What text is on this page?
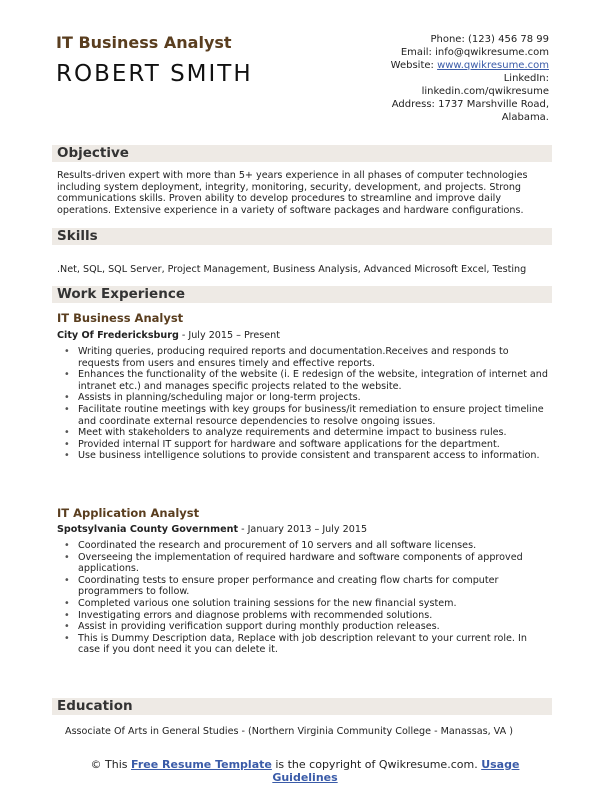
IT Business Analyst
ROBERT SMITH
Phone: (123) 456 78 99
Email: info@qwikresume.com
Website: www.qwikresume.com
LinkedIn:
linkedin.com/qwikresume
Address: 1737 Marshville Road,
Alabama.
Objective
Results-driven expert with more than 5+ years experience in all phases of computer technologies including system deployment, integrity, monitoring, security, development, and projects. Strong communications skills. Proven ability to develop procedures to streamline and improve daily operations. Extensive experience in a variety of software packages and hardware configurations.
Skills
.Net, SQL, SQL Server, Project Management, Business Analysis, Advanced Microsoft Excel, Testing
Work Experience
IT Business Analyst
City Of Fredericksburg - July 2015 – Present
• Writing queries, producing required reports and documentation.Receives and responds to requests from users and ensures timely and effective reports.
• Enhances the functionality of the website (i. E redesign of the website, integration of internet and intranet etc.) and manages specific projects related to the website.
• Assists in planning/scheduling major or long-term projects.
• Facilitate routine meetings with key groups for business/it remediation to ensure project timeline and coordinate external resource dependencies to resolve ongoing issues.
• Meet with stakeholders to analyze requirements and determine impact to business rules.
• Provided internal IT support for hardware and software applications for the department.
• Use business intelligence solutions to provide consistent and transparent access to information.
IT Application Analyst
Spotsylvania County Government - January 2013 – July 2015
• Coordinated the research and procurement of 10 servers and all software licenses.
• Overseeing the implementation of required hardware and software components of approved applications.
• Coordinating tests to ensure proper performance and creating flow charts for computer programmers to follow.
• Completed various one solution training sessions for the new financial system.
• Investigating errors and diagnose problems with recommended solutions.
• Assist in providing verification support during monthly production releases.
• This is Dummy Description data, Replace with job description relevant to your current role. In case if you dont need it you can delete it.
Education
Associate Of Arts in General Studies - (Northern Virginia Community College - Manassas, VA )
© This Free Resume Template is the copyright of Qwikresume.com. Usage Guidelines
